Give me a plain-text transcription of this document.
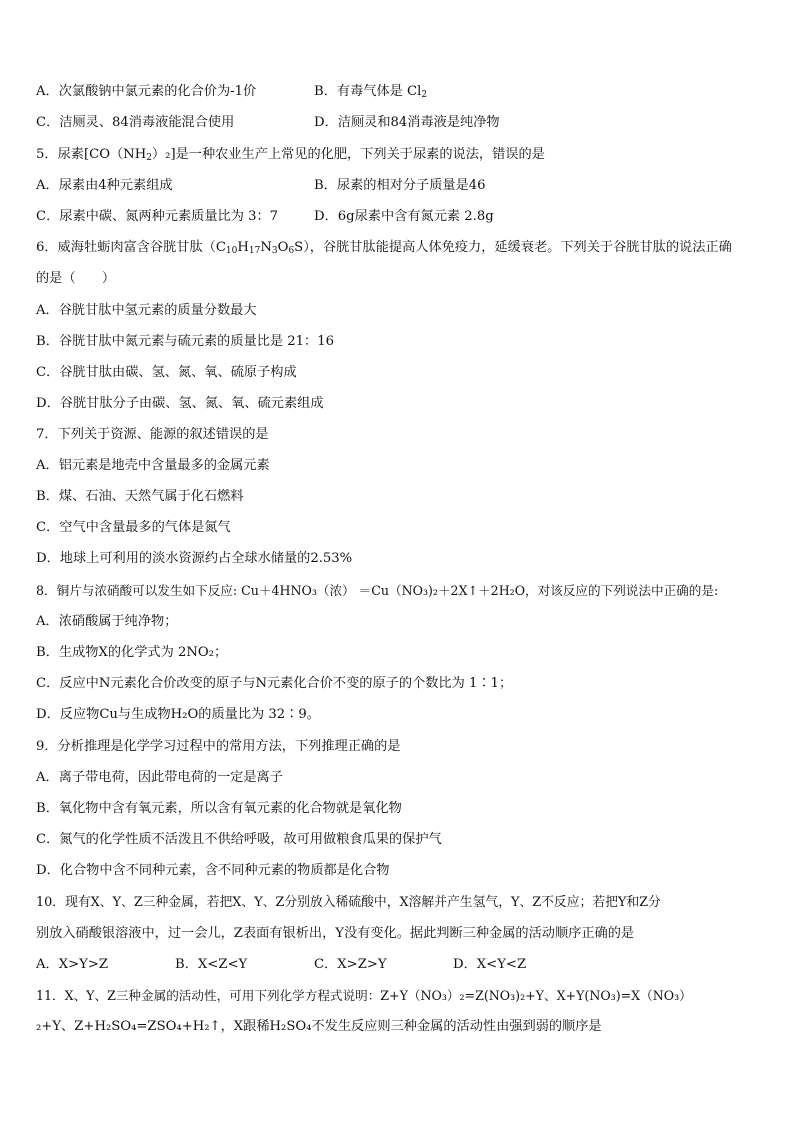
A．次氯酸钠中氯元素的化合价为-1价	B．有毒气体是 $Cl_2$
C．洁厕灵、84消毒液能混合使用	D．洁厕灵和84消毒液是纯净物
5．尿素$[CO(NH_2)_2]$是一种农业生产上常见的化肥，下列关于尿素的说法，错误的是
A．尿素由4种元素组成	B．尿素的相对分子质量是46
C．尿素中碳、氮两种元素质量比为 3：7	D．6g尿素中含有氮元素 2.8g
6．威海牡蛎肉富含谷胱甘肽$(C_{10}H_{17}N_3O_6S)$，谷胱甘肽能提高人体免疫力，延缓衰老。下列关于谷胱甘肽的说法正确
的是（　　）
A．谷胱甘肽中氢元素的质量分数最大
B．谷胱甘肽中氮元素与硫元素的质量比是 21：16
C．谷胱甘肽由碳、氢、氮、氧、硫原子构成
D．谷胱甘肽分子由碳、氢、氮、氧、硫元素组成
7．下列关于资源、能源的叙述错误的是
A．铝元素是地壳中含量最多的金属元素
B．煤、石油、天然气属于化石燃料
C．空气中含量最多的气体是氮气
D．地球上可利用的淡水资源约占全球水储量的2.53%
8．铜片与浓硝酸可以发生如下反应: Cu＋4HNO₃（浓） ＝Cu（NO₃)₂＋2X↑＋2H₂O，对该反应的下列说法中正确的是:
A．浓硝酸属于纯净物；
B．生成物X的化学式为 2NO₂；
C．反应中N元素化合价改变的原子与N元素化合价不变的原子的个数比为 1∶1；
D．反应物Cu与生成物H₂O的质量比为 32∶9。
9．分析推理是化学学习过程中的常用方法，下列推理正确的是
A．离子带电荷，因此带电荷的一定是离子
B．氧化物中含有氧元素，所以含有氧元素的化合物就是氧化物
C．氮气的化学性质不活泼且不供给呼吸，故可用做粮食瓜果的保护气
D．化合物中含不同种元素，含不同种元素的物质都是化合物
10．现有X、Y、Z三种金属，若把X、Y、Z分别放入稀硫酸中，X溶解并产生氢气，Y、Z不反应；若把Y和Z分
别放入硝酸银溶液中，过一会儿，Z表面有银析出，Y没有变化。据此判断三种金属的活动顺序正确的是
A．X>Y>Z	B．X<Z<Y	C．X>Z>Y	D．X<Y<Z
11．X、Y、Z三种金属的活动性，可用下列化学方程式说明：Z+Y（NO₃）₂=Z(NO₃)₂+Y、X+Y(NO₃)=X（NO₃）
₂+Y、Z+H₂SO₄=ZSO₄+H₂↑，X跟稀H₂SO₄不发生反应则三种金属的活动性由强到弱的顺序是
